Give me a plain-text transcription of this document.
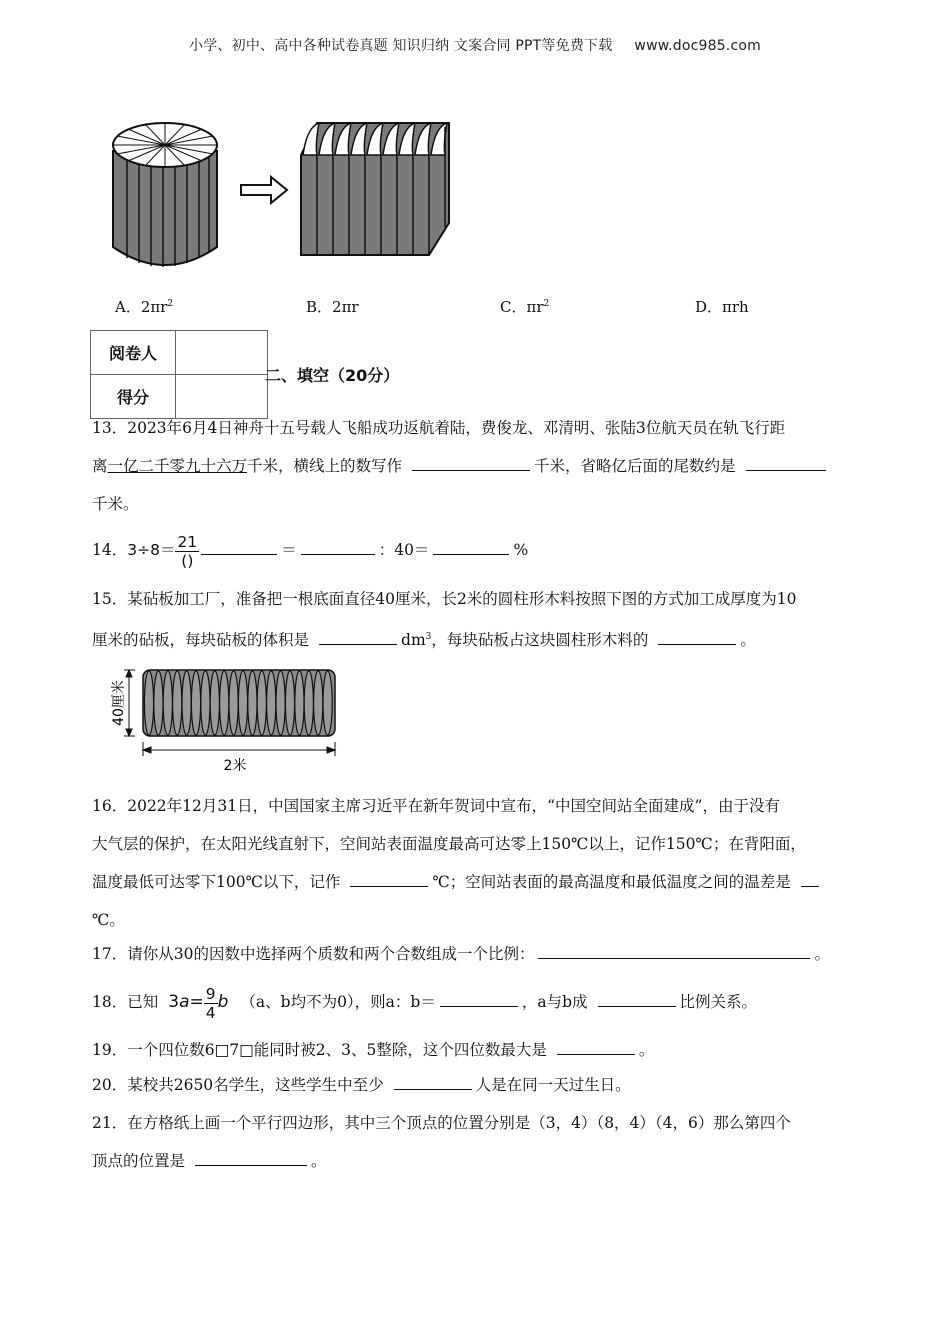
小学、初中、高中各种试卷真题 知识归纳 文案合同 PPT等免费下载 www.doc985.com
A．$2\pi r^2$	B．2πr	C．$\pi r^2$	D．πrh
阅卷人	
得分	
二、填空（20分）
13．2023年6月4日神舟十五号载人飞船成功返航着陆，费俊龙、邓清明、张陆3位航天员在轨飞行距
离一亿二千零九十六万千米，横线上的数写作	千米，省略亿后面的尾数约是
千米。
14．$3\div 8= \frac{21}{()}$	＝	：40＝	%
15．某砧板加工厂，准备把一根底面直径40厘米，长2米的圆柱形木料按照下图的方式加工成厚度为10
厘米的砧板，每块砧板的体积是	$dm^3$，每块砧板占这块圆柱形木料的	。
40厘米
2米
16．2022年12月31日，中国国家主席习近平在新年贺词中宣布，“中国空间站全面建成”，由于没有
大气层的保护，在太阳光线直射下，空间站表面温度最高可达零上150℃以上，记作150℃；在背阳面，
温度最低可达零下100℃以下，记作	℃；空间站表面的最高温度和最低温度之间的温差是
℃。
17．请你从30的因数中选择两个质数和两个合数组成一个比例：	。
18．已知 $3a= \frac{9}{4}$ b （a、b均不为0），则a：b＝	，a与b成	比例关系。
19．一个四位数6□7□能同时被2、3、5整除，这个四位数最大是	。
20．某校共2650名学生，这些学生中至少	人是在同一天过生日。
21．在方格纸上画一个平行四边形，其中三个顶点的位置分别是（3，4）（8，4）（4，6）那么第四个
顶点的位置是	。
